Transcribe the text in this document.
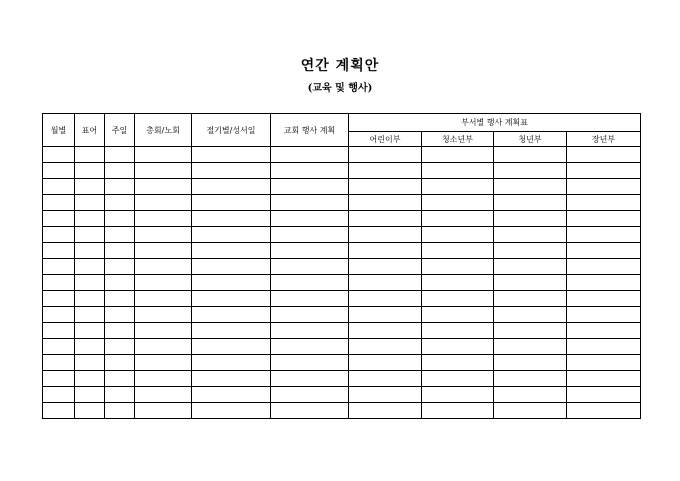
연간 계획안
(교육 및 행사)
월별	표어	주일	총회/노회	절기별/성서일	교회 행사 계획	부서별 행사 계획표			
						어린이부	청소년부	청년부	장년부
